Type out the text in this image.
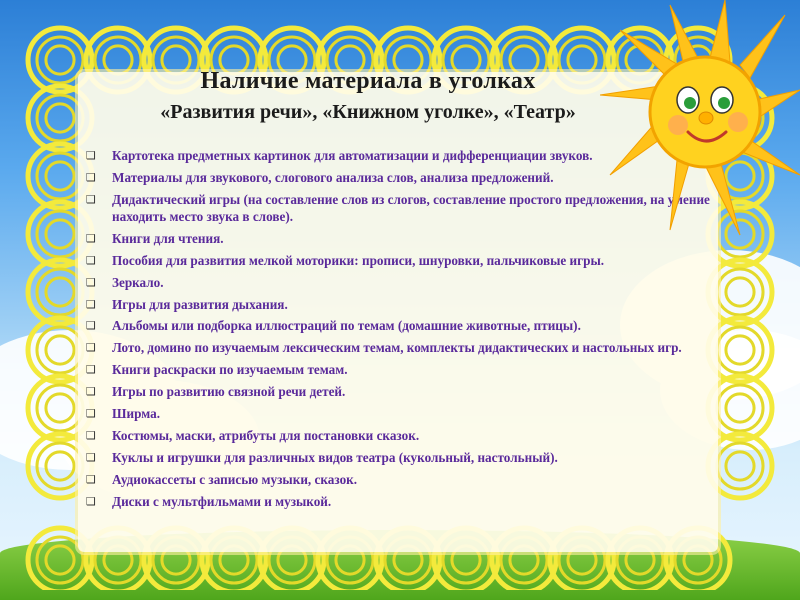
Наличие материала в уголках
«Развития речи», «Книжном уголке», «Театр»
❑ Картотека предметных картинок для автоматизации и дифференциации звуков.
❑ Материалы для звукового, слогового анализа слов, анализа предложений.
❑ Дидактический игры (на составление слов из слогов, составление простого предложения, на умение находить место звука в слове).
❑ Книги для чтения.
❑ Пособия для развития мелкой моторики: прописи, шнуровки, пальчиковые игры.
❑ Зеркало.
❑ Игры для развития дыхания.
❑ Альбомы или подборка иллюстраций по темам (домашние животные, птицы).
❑ Лото, домино по изучаемым лексическим темам, комплекты дидактических и настольных игр.
❑ Книги раскраски по изучаемым темам.
❑ Игры по развитию связной речи детей.
❑ Ширма.
❑ Костюмы, маски, атрибуты для постановки сказок.
❑ Куклы и игрушки для различных видов театра (кукольный, настольный).
❑ Аудиокассеты с записью музыки, сказок.
❑ Диски с мультфильмами и музыкой.
